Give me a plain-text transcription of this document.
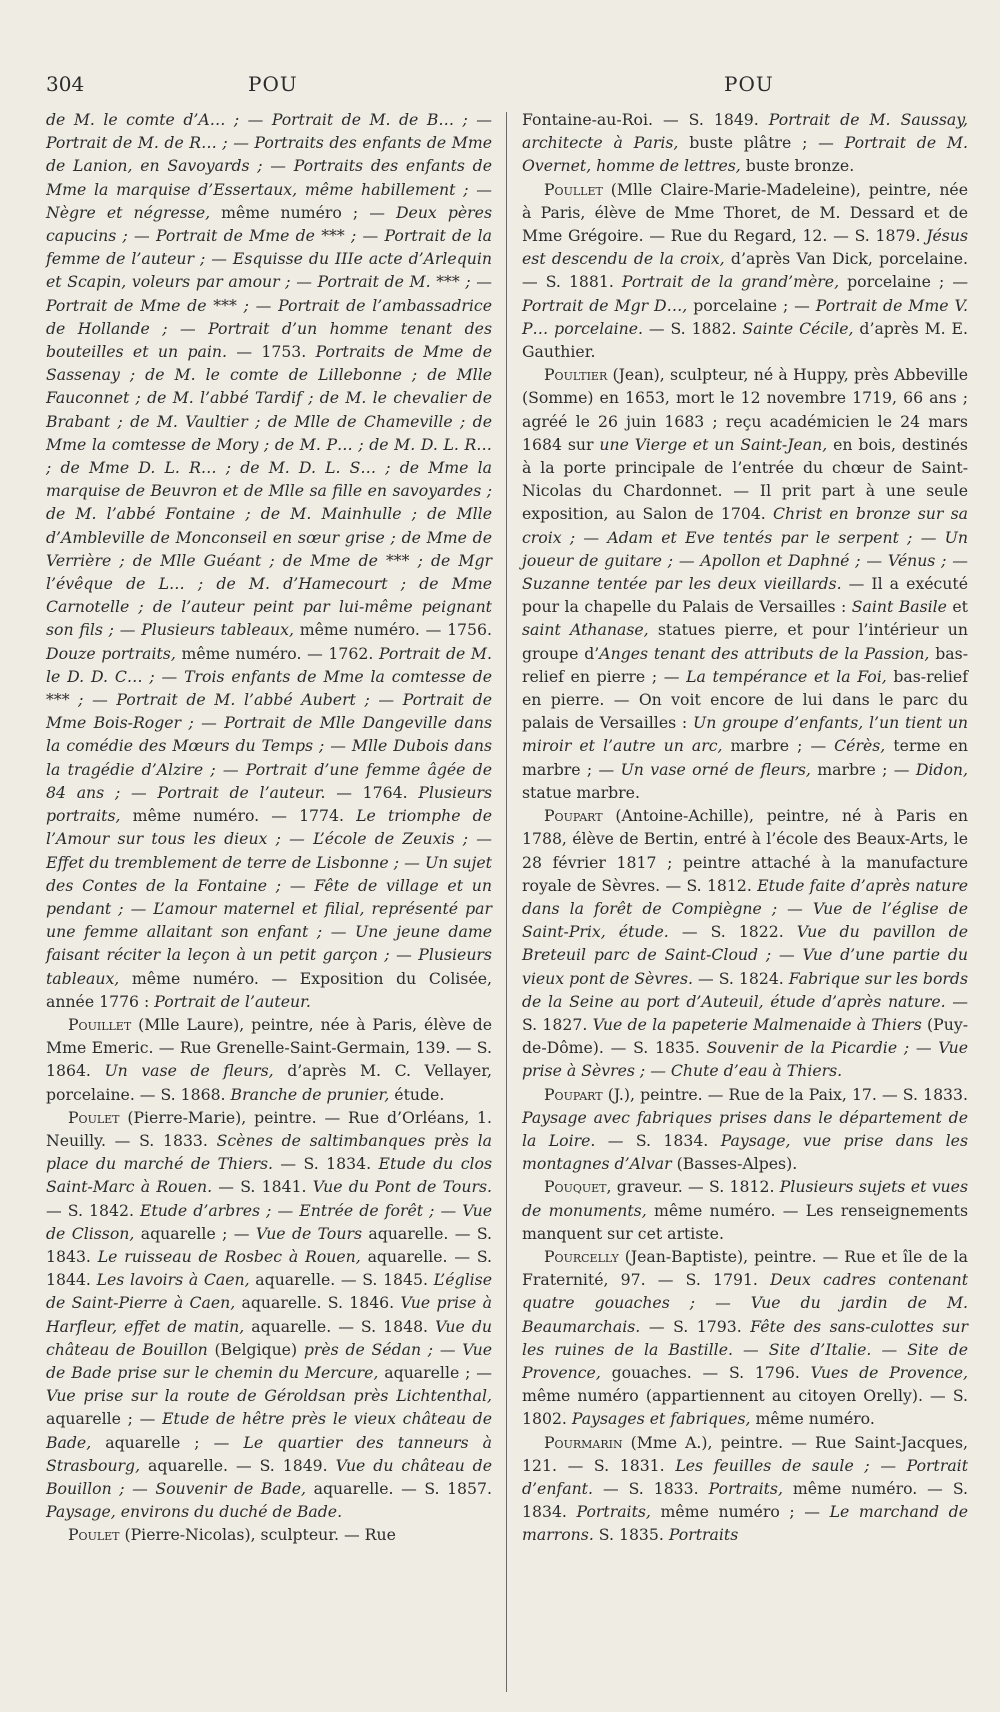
304	POU	POU

de M. le comte d’A… ; — Portrait de M. de B… ; — Portrait de M. de R… ; — Portraits des enfants de Mme de Lanion, en Savoyards ; — Portraits des enfants de Mme la marquise d’Essertaux, même habillement ; — Nègre et négresse, même numéro ; — Deux pères capucins ; — Portrait de Mme de *** ; — Portrait de la femme de l’auteur ; — Esquisse du IIIe acte d’Arlequin et Scapin, voleurs par amour ; — Portrait de M. *** ; — Portrait de Mme de *** ; — Portrait de l’ambassadrice de Hollande ; — Portrait d’un homme tenant des bouteilles et un pain. — 1753. Portraits de Mme de Sassenay ; de M. le comte de Lillebonne ; de Mlle Fauconnet ; de M. l’abbé Tardif ; de M. le chevalier de Brabant ; de M. Vaultier ; de Mlle de Chameville ; de Mme la comtesse de Mory ; de M. P… ; de M. D. L. R… ; de Mme D. L. R… ; de M. D. L. S… ; de Mme la marquise de Beuvron et de Mlle sa fille en savoyardes ; de M. l’abbé Fontaine ; de M. Mainhulle ; de Mlle d’Ambleville de Monconseil en sœur grise ; de Mme de Verrière ; de Mlle Guéant ; de Mme de *** ; de Mgr l’évêque de L… ; de M. d’Hamecourt ; de Mme Carnotelle ; de l’auteur peint par lui-même peignant son fils ; — Plusieurs tableaux, même numéro. — 1756. Douze portraits, même numéro. — 1762. Portrait de M. le D. D. C… ; — Trois enfants de Mme la comtesse de *** ; — Portrait de M. l’abbé Aubert ; — Portrait de Mme Bois-Roger ; — Portrait de Mlle Dangeville dans la comédie des Mœurs du Temps ; — Mlle Dubois dans la tragédie d’Alzire ; — Portrait d’une femme âgée de 84 ans ; — Portrait de l’auteur. — 1764. Plusieurs portraits, même numéro. — 1774. Le triomphe de l’Amour sur tous les dieux ; — L’école de Zeuxis ; — Effet du tremblement de terre de Lisbonne ; — Un sujet des Contes de la Fontaine ; — Fête de village et un pendant ; — L’amour maternel et filial, représenté par une femme allaitant son enfant ; — Une jeune dame faisant réciter la leçon à un petit garçon ; — Plusieurs tableaux, même numéro. — Exposition du Colisée, année 1776 : Portrait de l’auteur.

Pouillet (Mlle Laure), peintre, née à Paris, élève de Mme Emeric. — Rue Grenelle-Saint-Germain, 139. — S. 1864. Un vase de fleurs, d’après M. C. Vellayer, porcelaine. — S. 1868. Branche de prunier, étude.

Poulet (Pierre-Marie), peintre. — Rue d’Orléans, 1. Neuilly. — S. 1833. Scènes de saltimbanques près la place du marché de Thiers. — S. 1834. Etude du clos Saint-Marc à Rouen. — S. 1841. Vue du Pont de Tours. — S. 1842. Etude d’arbres ; — Entrée de forêt ; — Vue de Clisson, aquarelle ; — Vue de Tours aquarelle. — S. 1843. Le ruisseau de Rosbec à Rouen, aquarelle. — S. 1844. Les lavoirs à Caen, aquarelle. — S. 1845. L’église de Saint-Pierre à Caen, aquarelle. S. 1846. Vue prise à Harfleur, effet de matin, aquarelle. — S. 1848. Vue du château de Bouillon (Belgique) près de Sédan ; — Vue de Bade prise sur le chemin du Mercure, aquarelle ; — Vue prise sur la route de Géroldsan près Lichtenthal, aquarelle ; — Etude de hêtre près le vieux château de Bade, aquarelle ; — Le quartier des tanneurs à Strasbourg, aquarelle. — S. 1849. Vue du château de Bouillon ; — Souvenir de Bade, aquarelle. — S. 1857. Paysage, environs du duché de Bade.

Poulet (Pierre-Nicolas), sculpteur. — Rue

Fontaine-au-Roi. — S. 1849. Portrait de M. Saussay, architecte à Paris, buste plâtre ; — Portrait de M. Overnet, homme de lettres, buste bronze.

Poullet (Mlle Claire-Marie-Madeleine), peintre, née à Paris, élève de Mme Thoret, de M. Dessard et de Mme Grégoire. — Rue du Regard, 12. — S. 1879. Jésus est descendu de la croix, d’après Van Dick, porcelaine. — S. 1881. Portrait de la grand’mère, porcelaine ; — Portrait de Mgr D…, porcelaine ; — Portrait de Mme V. P… porcelaine. — S. 1882. Sainte Cécile, d’après M. E. Gauthier.

Poultier (Jean), sculpteur, né à Huppy, près Abbeville (Somme) en 1653, mort le 12 novembre 1719, 66 ans ; agréé le 26 juin 1683 ; reçu académicien le 24 mars 1684 sur une Vierge et un Saint-Jean, en bois, destinés à la porte principale de l’entrée du chœur de Saint-Nicolas du Chardonnet. — Il prit part à une seule exposition, au Salon de 1704. Christ en bronze sur sa croix ; — Adam et Eve tentés par le serpent ; — Un joueur de guitare ; — Apollon et Daphné ; — Vénus ; — Suzanne tentée par les deux vieillards. — Il a exécuté pour la chapelle du Palais de Versailles : Saint Basile et saint Athanase, statues pierre, et pour l’intérieur un groupe d’Anges tenant des attributs de la Passion, bas-relief en pierre ; — La tempérance et la Foi, bas-relief en pierre. — On voit encore de lui dans le parc du palais de Versailles : Un groupe d’enfants, l’un tient un miroir et l’autre un arc, marbre ; — Cérès, terme en marbre ; — Un vase orné de fleurs, marbre ; — Didon, statue marbre.

Poupart (Antoine-Achille), peintre, né à Paris en 1788, élève de Bertin, entré à l’école des Beaux-Arts, le 28 février 1817 ; peintre attaché à la manufacture royale de Sèvres. — S. 1812. Etude faite d’après nature dans la forêt de Compiègne ; — Vue de l’église de Saint-Prix, étude. — S. 1822. Vue du pavillon de Breteuil parc de Saint-Cloud ; — Vue d’une partie du vieux pont de Sèvres. — S. 1824. Fabrique sur les bords de la Seine au port d’Auteuil, étude d’après nature. — S. 1827. Vue de la papeterie Malmenaide à Thiers (Puy-de-Dôme). — S. 1835. Souvenir de la Picardie ; — Vue prise à Sèvres ; — Chute d’eau à Thiers.

Poupart (J.), peintre. — Rue de la Paix, 17. — S. 1833. Paysage avec fabriques prises dans le département de la Loire. — S. 1834. Paysage, vue prise dans les montagnes d’Alvar (Basses-Alpes).

Pouquet, graveur. — S. 1812. Plusieurs sujets et vues de monuments, même numéro. — Les renseignements manquent sur cet artiste.

Pourcelly (Jean-Baptiste), peintre. — Rue et île de la Fraternité, 97. — S. 1791. Deux cadres contenant quatre gouaches ; — Vue du jardin de M. Beaumarchais. — S. 1793. Fête des sans-culottes sur les ruines de la Bastille. — Site d’Italie. — Site de Provence, gouaches. — S. 1796. Vues de Provence, même numéro (appartiennent au citoyen Orelly). — S. 1802. Paysages et fabriques, même numéro.

Pourmarin (Mme A.), peintre. — Rue Saint-Jacques, 121. — S. 1831. Les feuilles de saule ; — Portrait d’enfant. — S. 1833. Portraits, même numéro. — S. 1834. Portraits, même numéro ; — Le marchand de marrons. S. 1835. Portraits
